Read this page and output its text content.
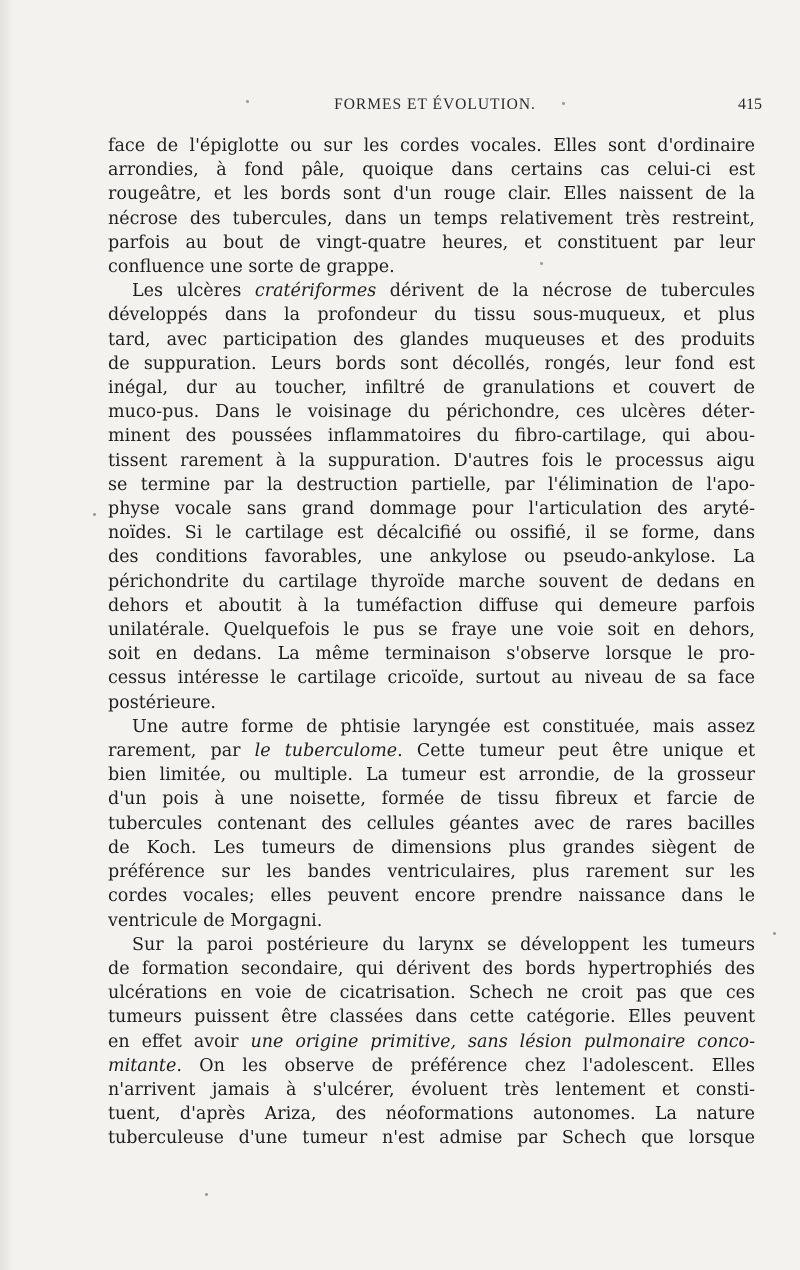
FORMES ET ÉVOLUTION.	415
face de l'épiglotte ou sur les cordes vocales. Elles sont d'ordinaire
arrondies, à fond pâle, quoique dans certains cas celui-ci est
rougeâtre, et les bords sont d'un rouge clair. Elles naissent de la
nécrose des tubercules, dans un temps relativement très restreint,
parfois au bout de vingt-quatre heures, et constituent par leur
confluence une sorte de grappe.
Les ulcères cratériformes dérivent de la nécrose de tubercules
développés dans la profondeur du tissu sous-muqueux, et plus
tard, avec participation des glandes muqueuses et des produits
de suppuration. Leurs bords sont décollés, rongés, leur fond est
inégal, dur au toucher, infiltré de granulations et couvert de
muco-pus. Dans le voisinage du périchondre, ces ulcères déter-
minent des poussées inflammatoires du fibro-cartilage, qui abou-
tissent rarement à la suppuration. D'autres fois le processus aigu
se termine par la destruction partielle, par l'élimination de l'apo-
physe vocale sans grand dommage pour l'articulation des aryté-
noïdes. Si le cartilage est décalcifié ou ossifié, il se forme, dans
des conditions favorables, une ankylose ou pseudo-ankylose. La
périchondrite du cartilage thyroïde marche souvent de dedans en
dehors et aboutit à la tuméfaction diffuse qui demeure parfois
unilatérale. Quelquefois le pus se fraye une voie soit en dehors,
soit en dedans. La même terminaison s'observe lorsque le pro-
cessus intéresse le cartilage cricoïde, surtout au niveau de sa face
postérieure.
Une autre forme de phtisie laryngée est constituée, mais assez
rarement, par le tuberculome. Cette tumeur peut être unique et
bien limitée, ou multiple. La tumeur est arrondie, de la grosseur
d'un pois à une noisette, formée de tissu fibreux et farcie de
tubercules contenant des cellules géantes avec de rares bacilles
de Koch. Les tumeurs de dimensions plus grandes siègent de
préférence sur les bandes ventriculaires, plus rarement sur les
cordes vocales; elles peuvent encore prendre naissance dans le
ventricule de Morgagni.
Sur la paroi postérieure du larynx se développent les tumeurs
de formation secondaire, qui dérivent des bords hypertrophiés des
ulcérations en voie de cicatrisation. Schech ne croit pas que ces
tumeurs puissent être classées dans cette catégorie. Elles peuvent
en effet avoir une origine primitive, sans lésion pulmonaire conco-
mitante. On les observe de préférence chez l'adolescent. Elles
n'arrivent jamais à s'ulcérer, évoluent très lentement et consti-
tuent, d'après Ariza, des néoformations autonomes. La nature
tuberculeuse d'une tumeur n'est admise par Schech que lorsque
